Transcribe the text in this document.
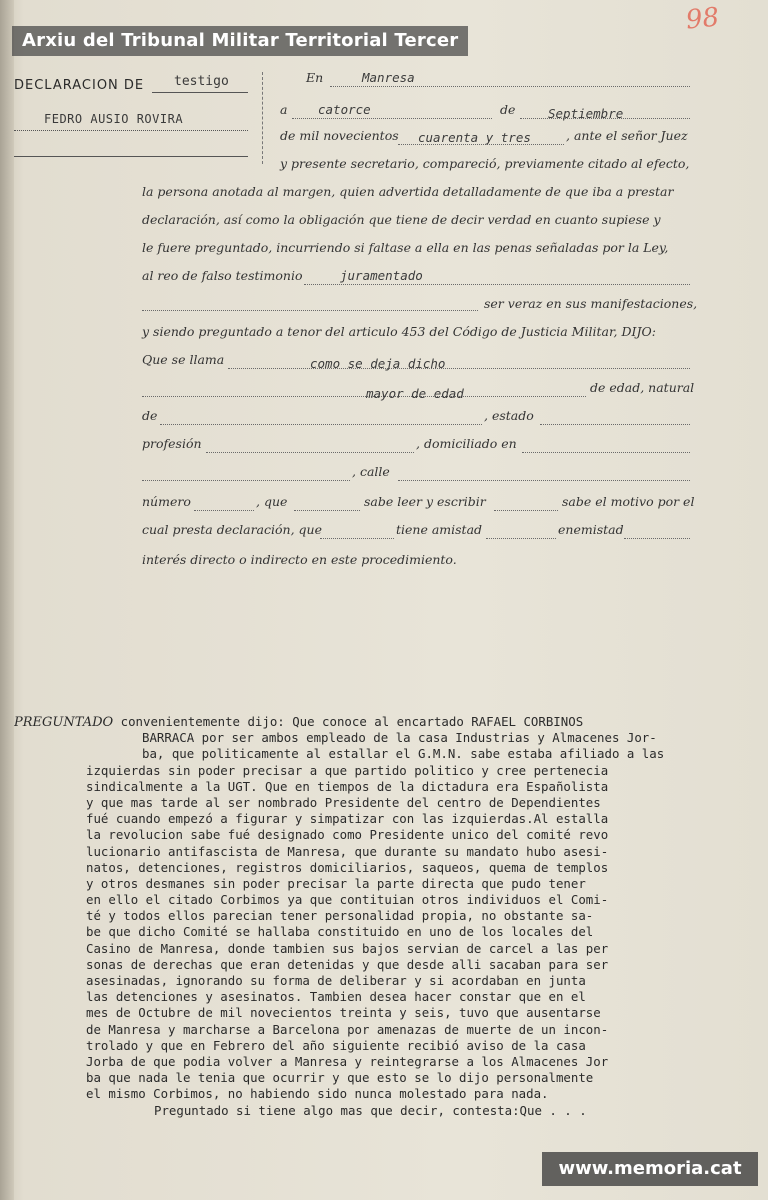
Arxiu del Tribunal Militar Territorial Tercer
98
DECLARACION DE testigo
FEDRO AUSIO ROVIRA
En	Manresa
a catorce	de	Septiembre
de mil novecientos cuarenta y tres	, ante el señor Juez
y presente secretario, compareció, previamente citado al efecto,
la persona anotada al margen, quien advertida detalladamente de que iba a prestar
declaración, así como la obligación que tiene de decir verdad en cuanto supiese y
le fuere preguntado, incurriendo si faltase a ella en las penas señaladas por la Ley,
al reo de falso testimonio	juramentado
ser veraz en sus manifestaciones,
y siendo preguntado a tenor del articulo 453 del Código de Justicia Militar, DIJO:
Que se llama	como se deja dicho
mayor de edad	de edad, natural
de	, estado
profesión	, domiciliado en
, calle
número	, que	sabe leer y escribir	sabe el motivo por el
cual presta declaración, que	tiene amistad	enemistad
interés directo o indirecto en este procedimiento.
PREGUNTADO convenientemente dijo: Que conoce al encartado RAFAEL CORBINOS
BARRACA por ser ambos empleado de la casa Industrias y Almacenes Jor-
ba, que politicamente al estallar el G.M.N. sabe estaba afiliado a las
izquierdas sin poder precisar a que partido politico y cree pertenecia
sindicalmente a la UGT. Que en tiempos de la dictadura era Españolista
y que mas tarde al ser nombrado Presidente del centro de Dependientes
fué cuando empezó a figurar y simpatizar con las izquierdas.Al estalla
la revolucion sabe fué designado como Presidente unico del comité revo
lucionario antifascista de Manresa, que durante su mandato hubo asesi-
natos, detenciones, registros domiciliarios, saqueos, quema de templos
y otros desmanes sin poder precisar la parte directa que pudo tener
en ello el citado Corbimos ya que contituian otros individuos el Comi-
té y todos ellos parecian tener personalidad propia, no obstante sa-
be que dicho Comité se hallaba constituido en uno de los locales del
Casino de Manresa, donde tambien sus bajos servian de carcel a las per
sonas de derechas que eran detenidas y que desde alli sacaban para ser
asesinadas, ignorando su forma de deliberar y si acordaban en junta
las detenciones y asesinatos. Tambien desea hacer constar que en el
mes de Octubre de mil novecientos treinta y seis, tuvo que ausentarse
de Manresa y marcharse a Barcelona por amenazas de muerte de un incon-
trolado y que en Febrero del año siguiente recibió aviso de la casa
Jorba de que podia volver a Manresa y reintegrarse a los Almacenes Jor
ba que nada le tenia que ocurrir y que esto se lo dijo personalmente
el mismo Corbimos, no habiendo sido nunca molestado para nada.
Preguntado si tiene algo mas que decir, contesta:Que . . .
www.memoria.cat
